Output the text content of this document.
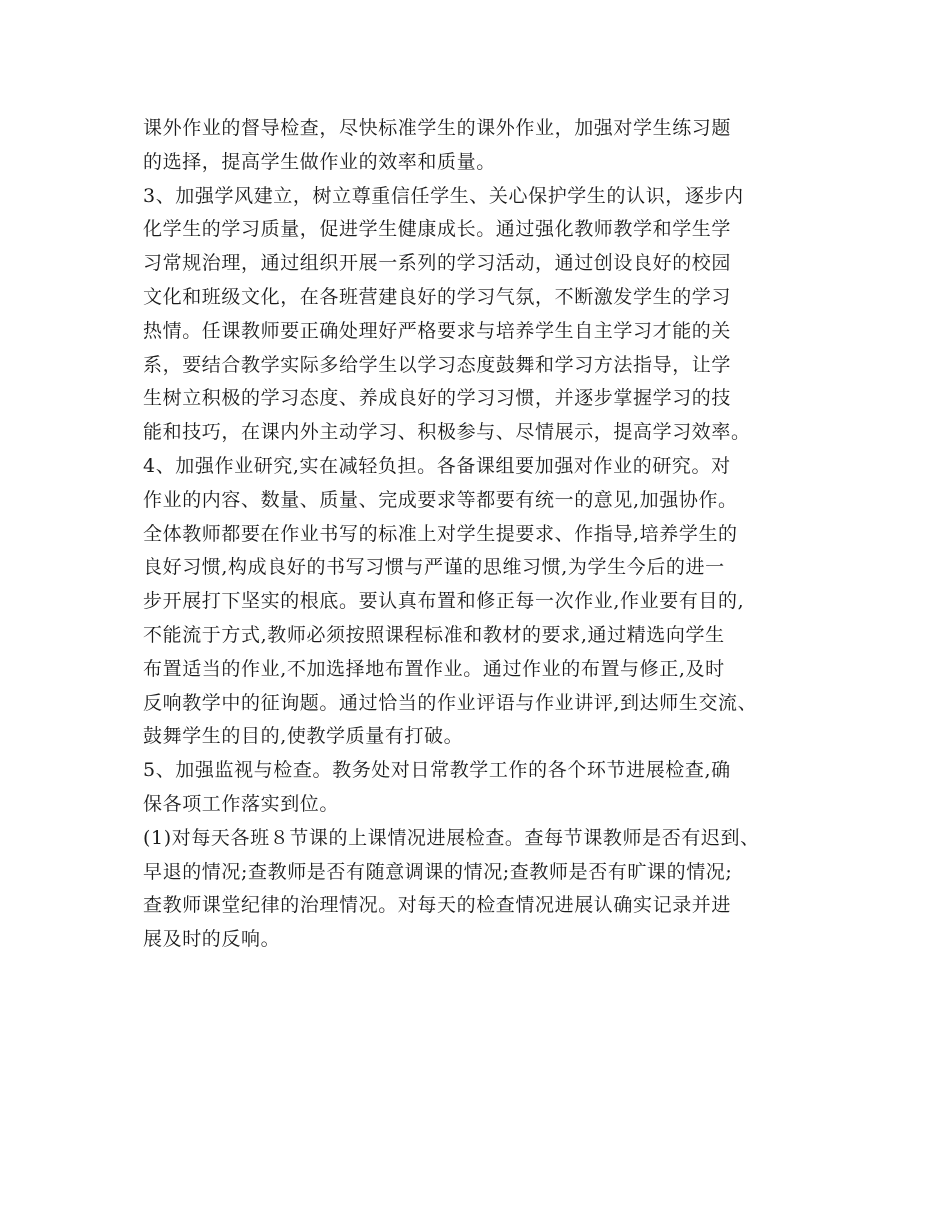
课外作业的督导检查，尽快标准学生的课外作业，加强对学生练习题
的选择，提高学生做作业的效率和质量。
3、加强学风建立，树立尊重信任学生、关心保护学生的认识，逐步内
化学生的学习质量，促进学生健康成长。通过强化教师教学和学生学
习常规治理，通过组织开展一系列的学习活动，通过创设良好的校园
文化和班级文化，在各班营建良好的学习气氛，不断激发学生的学习
热情。任课教师要正确处理好严格要求与培养学生自主学习才能的关
系，要结合教学实际多给学生以学习态度鼓舞和学习方法指导，让学
生树立积极的学习态度、养成良好的学习习惯，并逐步掌握学习的技
能和技巧，在课内外主动学习、积极参与、尽情展示，提高学习效率。
4、加强作业研究,实在减轻负担。各备课组要加强对作业的研究。对
作业的内容、数量、质量、完成要求等都要有统一的意见,加强协作。
全体教师都要在作业书写的标准上对学生提要求、作指导,培养学生的
良好习惯,构成良好的书写习惯与严谨的思维习惯,为学生今后的进一
步开展打下坚实的根底。要认真布置和修正每一次作业,作业要有目的,
不能流于方式,教师必须按照课程标准和教材的要求,通过精选向学生
布置适当的作业,不加选择地布置作业。通过作业的布置与修正,及时
反响教学中的征询题。通过恰当的作业评语与作业讲评,到达师生交流、
鼓舞学生的目的,使教学质量有打破。
5、加强监视与检查。教务处对日常教学工作的各个环节进展检查,确
保各项工作落实到位。
(1)对每天各班８节课的上课情况进展检查。查每节课教师是否有迟到、
早退的情况;查教师是否有随意调课的情况;查教师是否有旷课的情况;
查教师课堂纪律的治理情况。对每天的检查情况进展认确实记录并进
展及时的反响。
